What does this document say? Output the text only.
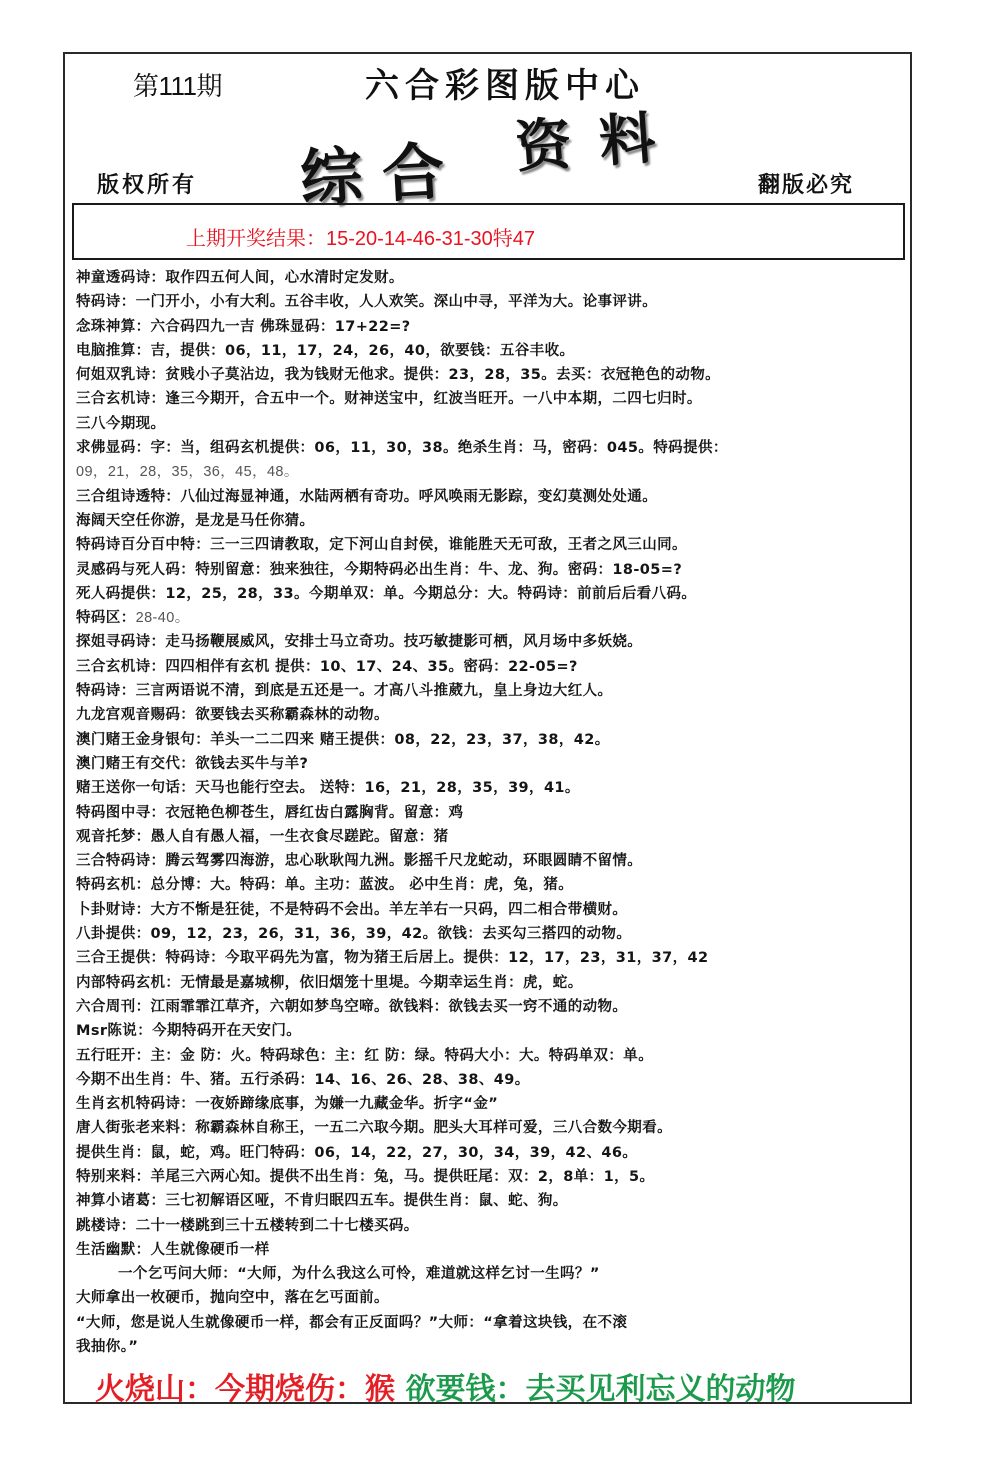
第111期	六合彩图版中心
综合 资料
版权所有	翻版必究
上期开奖结果：15-20-14-46-31-30特47
神童透码诗：取作四五何人间，心水清时定发财。
特码诗：一门开小，小有大利。五谷丰收，人人欢笑。深山中寻，平洋为大。论事评讲。
念珠神算：六合码四九一吉 佛珠显码：17+22=?
电脑推算：吉，提供：06，11，17，24，26，40，欲要钱：五谷丰收。
何姐双乳诗：贫贱小子莫沾边，我为钱财无他求。提供：23，28，35。去买：衣冠艳色的动物。
三合玄机诗：逢三今期开，合五中一个。财神送宝中，红波当旺开。一八中本期，二四七归时。
三八今期现。
求佛显码：字：当，组码玄机提供：06，11，30，38。绝杀生肖：马，密码：045。特码提供：
09，21，28，35，36，45，48。
三合组诗透特：八仙过海显神通，水陆两栖有奇功。呼风唤雨无影踪，变幻莫测处处通。
海阔天空任你游，是龙是马任你猜。
特码诗百分百中特：三一三四请教取，定下河山自封侯，谁能胜天无可敌，王者之风三山同。
灵感码与死人码：特别留意：独来独往，今期特码必出生肖：牛、龙、狗。密码：18-05=?
死人码提供：12，25，28，33。今期单双：单。今期总分：大。特码诗：前前后后看八码。
特码区：28-40。
探姐寻码诗：走马扬鞭展威风，安排士马立奇功。技巧敏捷影可栖，风月场中多妖娆。
三合玄机诗：四四相伴有玄机 提供：10、17、24、35。密码：22-05=?
特码诗：三言两语说不清，到底是五还是一。才高八斗推葳九，皇上身边大红人。
九龙宫观音赐码：欲要钱去买称霸森林的动物。
澳门赌王金身银句：羊头一二二四来 赌王提供：08，22，23，37，38，42。
澳门赌王有交代：欲钱去买牛与羊?
赌王送你一句话：天马也能行空去。 送特：16，21，28，35，39，41。
特码图中寻：衣冠艳色柳苍生，唇红齿白露胸背。留意：鸡
观音托梦：愚人自有愚人福，一生衣食尽蹉跎。留意：猪
三合特码诗：腾云驾雾四海游，忠心耿耿闯九洲。影摇千尺龙蛇动，环眼圆睛不留情。
特码玄机：总分博：大。特码：单。主功：蓝波。 必中生肖：虎，兔，猪。
卜卦财诗：大方不惭是狂徒，不是特码不会出。羊左羊右一只码，四二相合带横财。
八卦提供：09，12，23，26，31，36，39，42。欲钱：去买勾三搭四的动物。
三合王提供：特码诗：今取平码先为富，物为猪王后居上。提供：12，17，23，31，37，42
内部特码玄机：无情最是嘉城柳，依旧烟笼十里堤。今期幸运生肖：虎，蛇。
六合周刊：江雨霏霏江草齐，六朝如梦鸟空啼。欲钱料：欲钱去买一窍不通的动物。
Msr陈说：今期特码开在天安门。
五行旺开：主：金 防：火。特码球色：主：红 防：绿。特码大小：大。特码单双：单。
今期不出生肖：牛、猪。五行杀码：14、16、26、28、38、49。
生肖玄机特码诗：一夜娇蹄缘底事，为嫌一九藏金华。折字“金”
唐人街张老来料：称霸森林自称王，一五二六取今期。肥头大耳样可爱，三八合数今期看。
提供生肖：鼠，蛇，鸡。旺门特码：06，14，22，27，30，34，39，42、46。
特别来料：羊尾三六两心知。提供不出生肖：兔，马。提供旺尾：双：2，8单：1，5。
神算小诸葛：三七初解语区哑，不肯归眠四五车。提供生肖：鼠、蛇、狗。
跳楼诗：二十一楼跳到三十五楼转到二十七楼买码。
生活幽默：人生就像硬币一样
一个乞丐问大师：“大师，为什么我这么可怜，难道就这样乞讨一生吗？”
大师拿出一枚硬币，抛向空中，落在乞丐面前。
“大师，您是说人生就像硬币一样，都会有正反面吗？”大师：“拿着这块钱，在不滚
我抽你。”
火烧山：今期烧伤：猴 欲要钱：去买见利忘义的动物
